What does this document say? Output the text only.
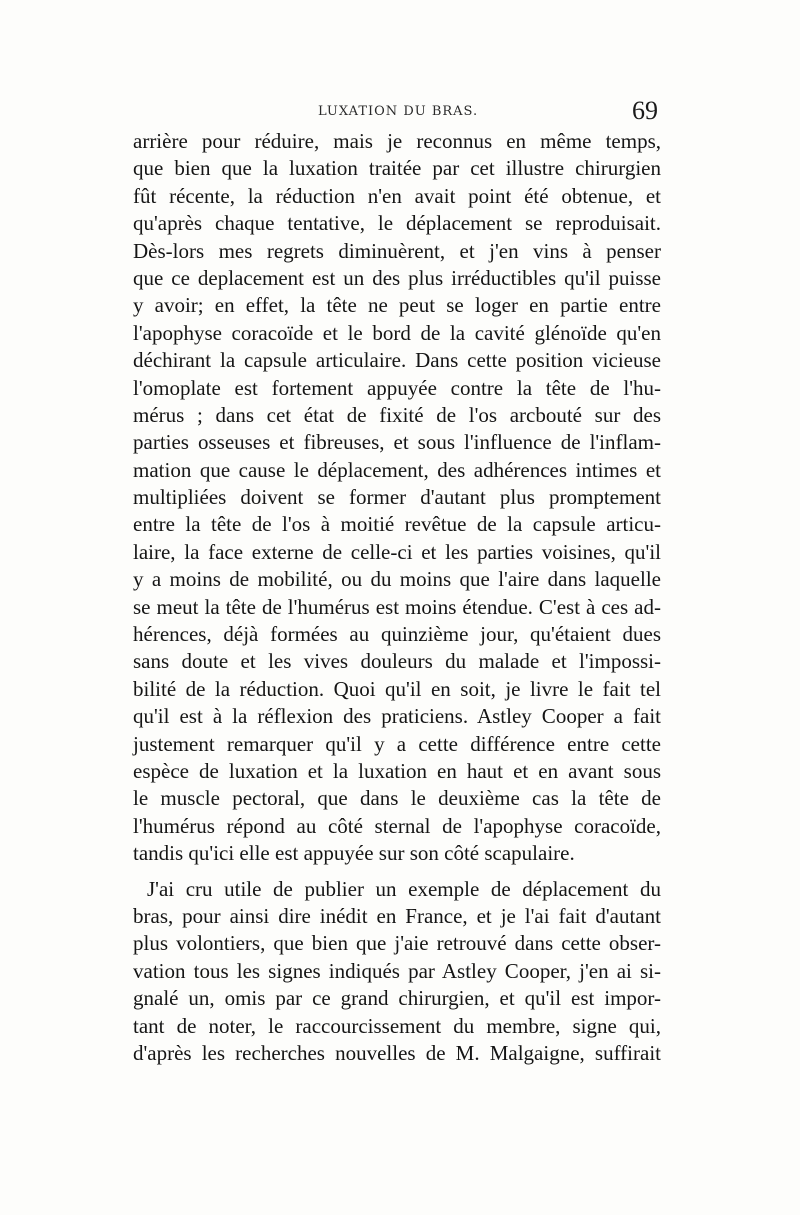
LUXATION DU BRAS.	69
arrière pour réduire, mais je reconnus en même temps,
que bien que la luxation traitée par cet illustre chirurgien
fût récente, la réduction n'en avait point été obtenue, et
qu'après chaque tentative, le déplacement se reproduisait.
Dès-lors mes regrets diminuèrent, et j'en vins à penser
que ce deplacement est un des plus irréductibles qu'il puisse
y avoir; en effet, la tête ne peut se loger en partie entre
l'apophyse coracoïde et le bord de la cavité glénoïde qu'en
déchirant la capsule articulaire. Dans cette position vicieuse
l'omoplate est fortement appuyée contre la tête de l'hu-
mérus ; dans cet état de fixité de l'os arcbouté sur des
parties osseuses et fibreuses, et sous l'influence de l'inflam-
mation que cause le déplacement, des adhérences intimes et
multipliées doivent se former d'autant plus promptement
entre la tête de l'os à moitié revêtue de la capsule articu-
laire, la face externe de celle-ci et les parties voisines, qu'il
y a moins de mobilité, ou du moins que l'aire dans laquelle
se meut la tête de l'humérus est moins étendue. C'est à ces ad-
hérences, déjà formées au quinzième jour, qu'étaient dues
sans doute et les vives douleurs du malade et l'impossi-
bilité de la réduction. Quoi qu'il en soit, je livre le fait tel
qu'il est à la réflexion des praticiens. Astley Cooper a fait
justement remarquer qu'il y a cette différence entre cette
espèce de luxation et la luxation en haut et en avant sous
le muscle pectoral, que dans le deuxième cas la tête de
l'humérus répond au côté sternal de l'apophyse coracoïde,
tandis qu'ici elle est appuyée sur son côté scapulaire.
J'ai cru utile de publier un exemple de déplacement du
bras, pour ainsi dire inédit en France, et je l'ai fait d'autant
plus volontiers, que bien que j'aie retrouvé dans cette obser-
vation tous les signes indiqués par Astley Cooper, j'en ai si-
gnalé un, omis par ce grand chirurgien, et qu'il est impor-
tant de noter, le raccourcissement du membre, signe qui,
d'après les recherches nouvelles de M. Malgaigne, suffirait
